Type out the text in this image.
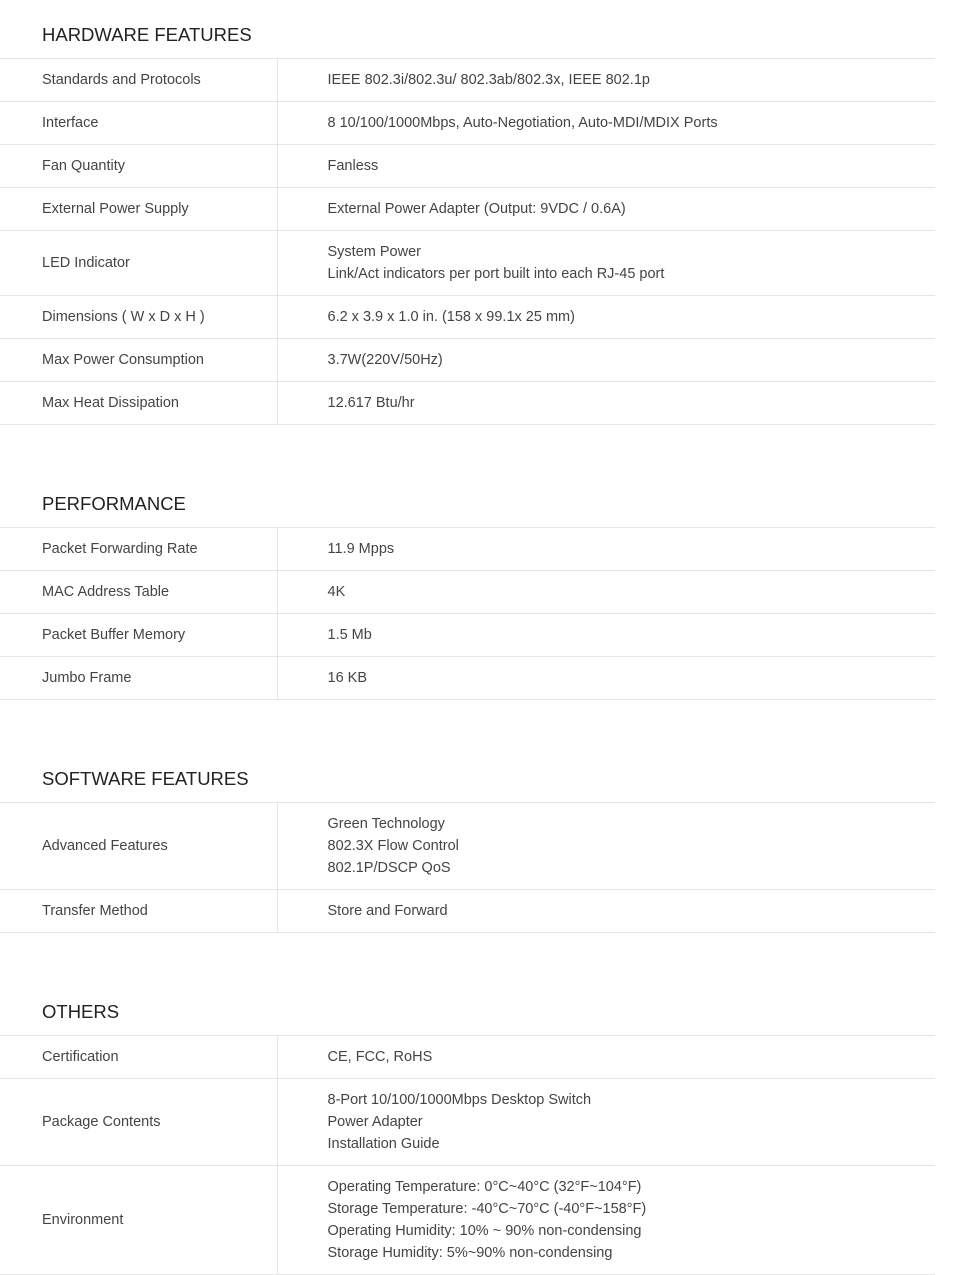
HARDWARE FEATURES
Standards and Protocols	IEEE 802.3i/802.3u/ 802.3ab/802.3x, IEEE 802.1p

Interface	8 10/100/1000Mbps, Auto-Negotiation, Auto-MDI/MDIX Ports

Fan Quantity	Fanless

External Power Supply	External Power Adapter (Output: 9VDC / 0.6A)

LED Indicator	System Power
Link/Act indicators per port built into each RJ-45 port

Dimensions ( W x D x H )	6.2 x 3.9 x 1.0 in. (158 x 99.1x 25 mm)

Max Power Consumption	3.7W(220V/50Hz)

Max Heat Dissipation	12.617 Btu/hr
PERFORMANCE
Packet Forwarding Rate	11.9 Mpps

MAC Address Table	4K

Packet Buffer Memory	1.5 Mb

Jumbo Frame	16 KB
SOFTWARE FEATURES
Advanced Features	Green Technology
802.3X Flow Control
802.1P/DSCP QoS

Transfer Method	Store and Forward
OTHERS
Certification	CE, FCC, RoHS

Package Contents	8-Port 10/100/1000Mbps Desktop Switch
Power Adapter
Installation Guide

Environment	Operating Temperature: 0°C~40°C (32°F~104°F)
Storage Temperature: -40°C~70°C (-40°F~158°F)
Operating Humidity: 10% ~ 90% non-condensing
Storage Humidity: 5%~90% non-condensing
